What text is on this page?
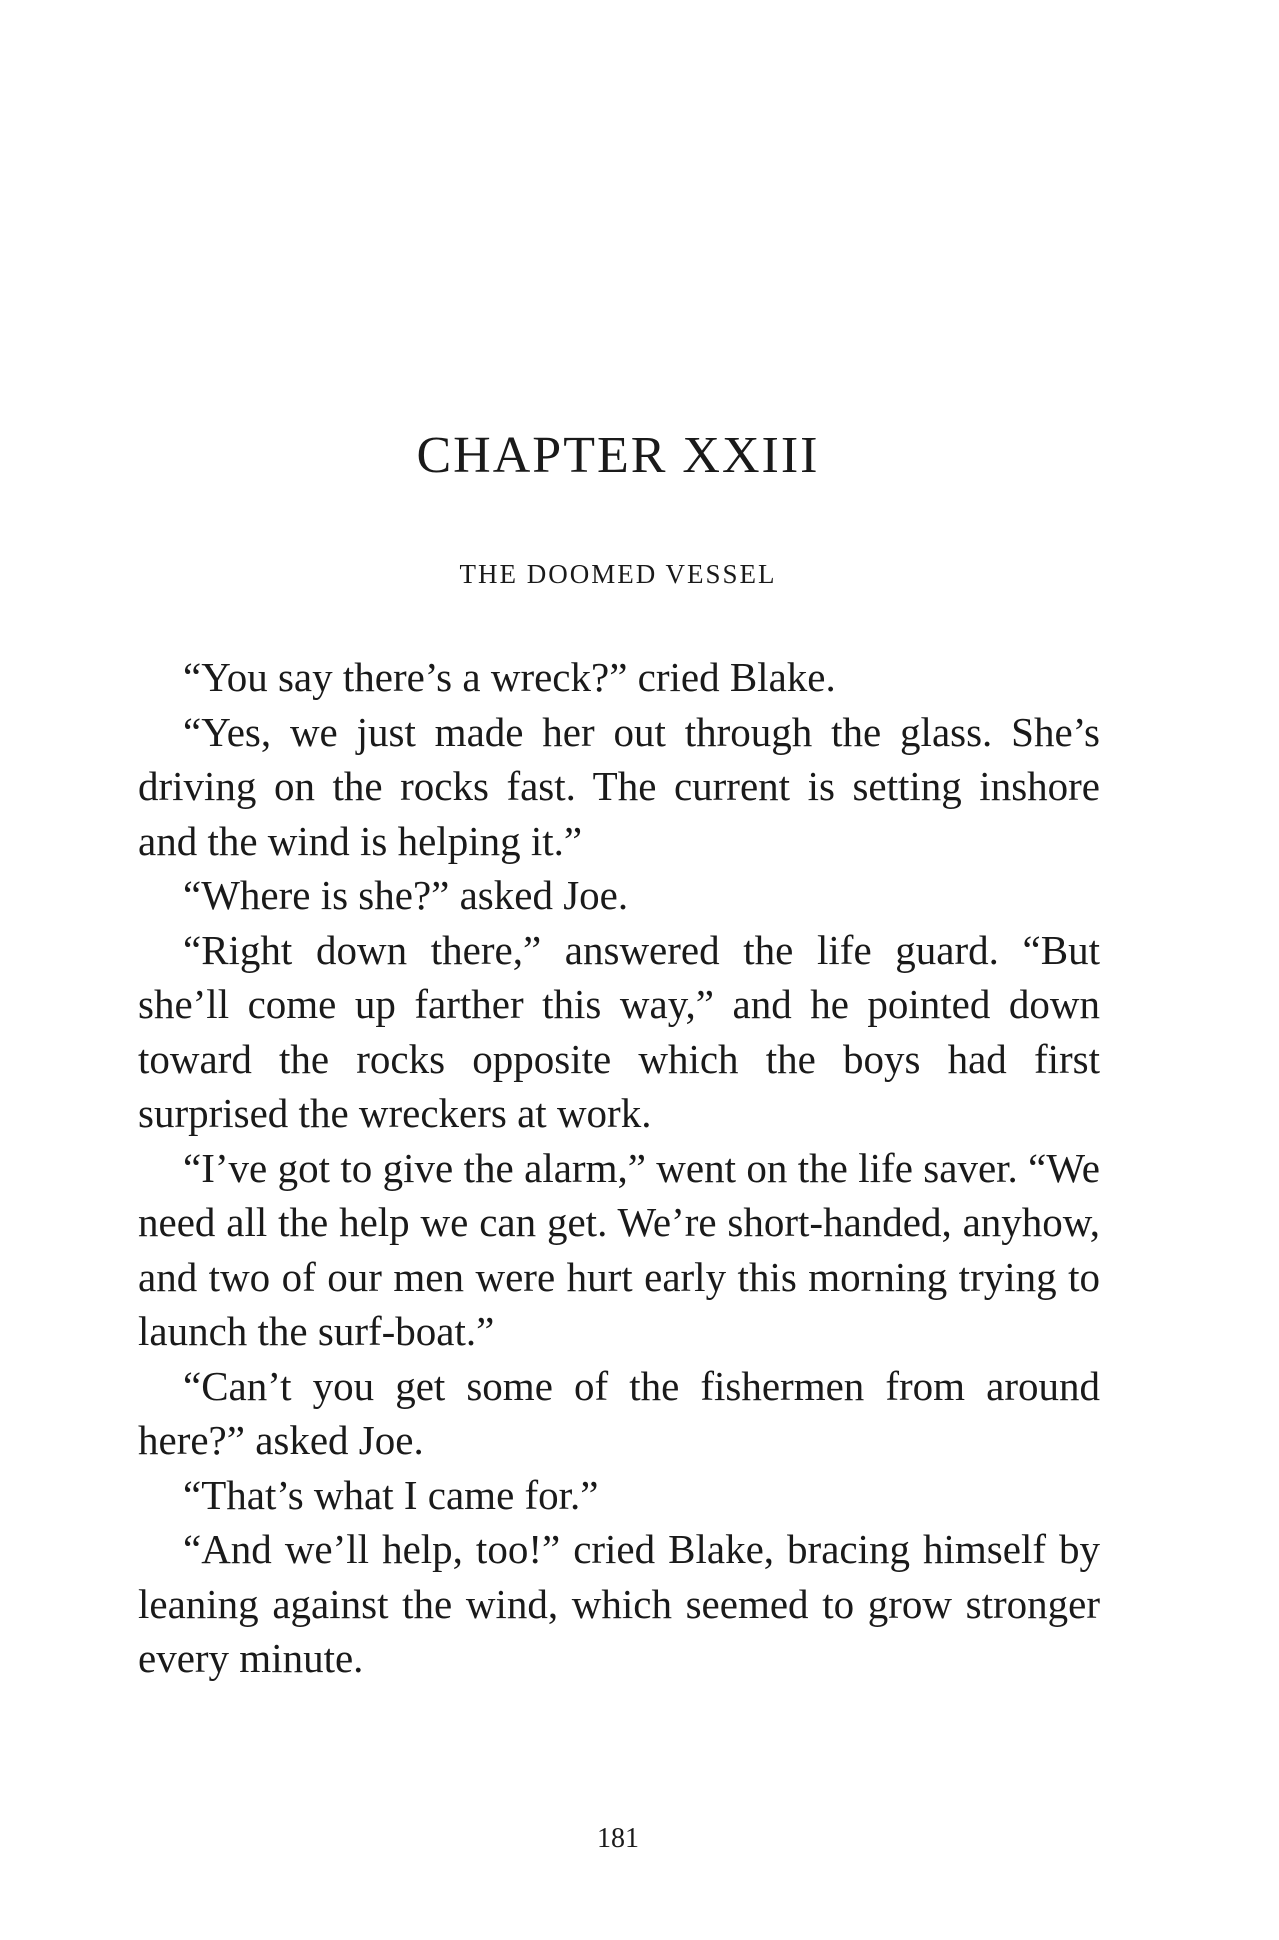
CHAPTER XXIII
THE DOOMED VESSEL

“You say there’s a wreck?” cried Blake.

“Yes, we just made her out through the glass. She’s driving on the rocks fast. The current is setting inshore and the wind is helping it.”

“Where is she?” asked Joe.

“Right down there,” answered the life guard. “But she’ll come up farther this way,” and he pointed down toward the rocks opposite which the boys had first surprised the wreckers at work.

“I’ve got to give the alarm,” went on the life saver. “We need all the help we can get. We’re short-handed, anyhow, and two of our men were hurt early this morning trying to launch the surf-boat.”

“Can’t you get some of the fishermen from around here?” asked Joe.

“That’s what I came for.”

“And we’ll help, too!” cried Blake, bracing himself by leaning against the wind, which seemed to grow stronger every minute.

181
